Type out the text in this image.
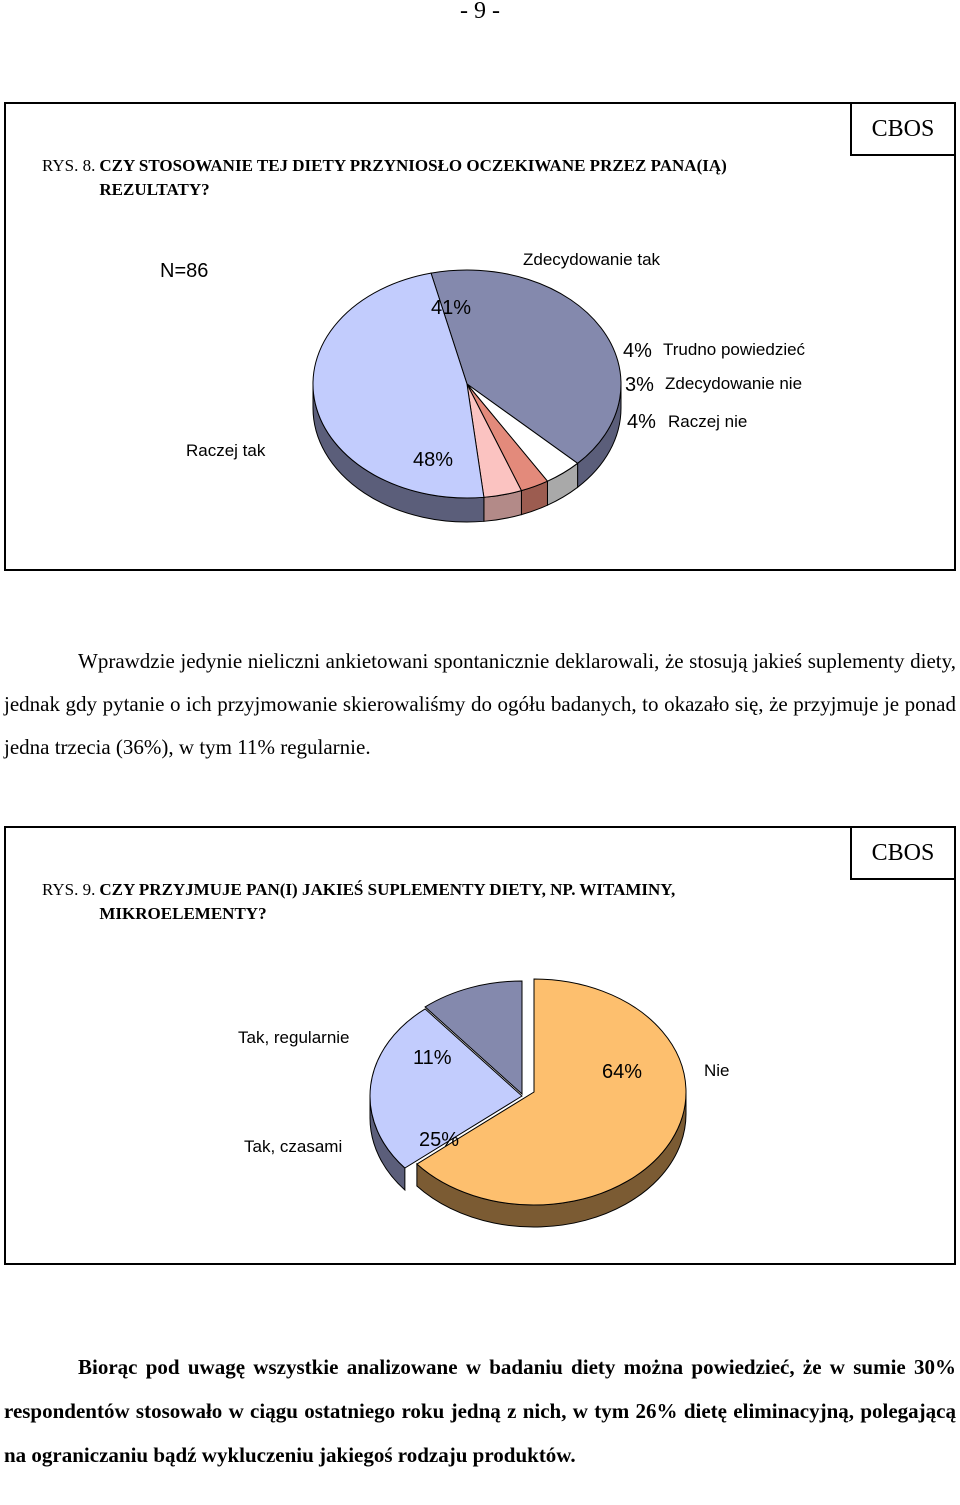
- 9 -
CBOS
RYS. 8. CZY STOSOWANIE TEJ DIETY PRZYNIOSŁO OCZEKIWANE PRZEZ PANA(IĄ) REZULTATY?
N=86
Zdecydowanie tak
41%
4% Trudno powiedzieć
3% Zdecydowanie nie
4% Raczej nie
Raczej tak	48%

Wprawdzie jedynie nieliczni ankietowani spontanicznie deklarowali, że stosują jakieś suplementy diety, jednak gdy pytanie o ich przyjmowanie skierowaliśmy do ogółu badanych, to okazało się, że przyjmuje je ponad jedna trzecia (36%), w tym 11% regularnie.

CBOS
RYS. 9. CZY PRZYJMUJE PAN(I) JAKIEŚ SUPLEMENTY DIETY, NP. WITAMINY, MIKROELEMENTY?
Tak, regularnie
11%
64%	Nie
Tak, czasami	25%

Biorąc pod uwagę wszystkie analizowane w badaniu diety można powiedzieć, że w sumie 30% respondentów stosowało w ciągu ostatniego roku jedną z nich, w tym 26% dietę eliminacyjną, polegającą na ograniczaniu bądź wykluczeniu jakiegoś rodzaju produktów.
